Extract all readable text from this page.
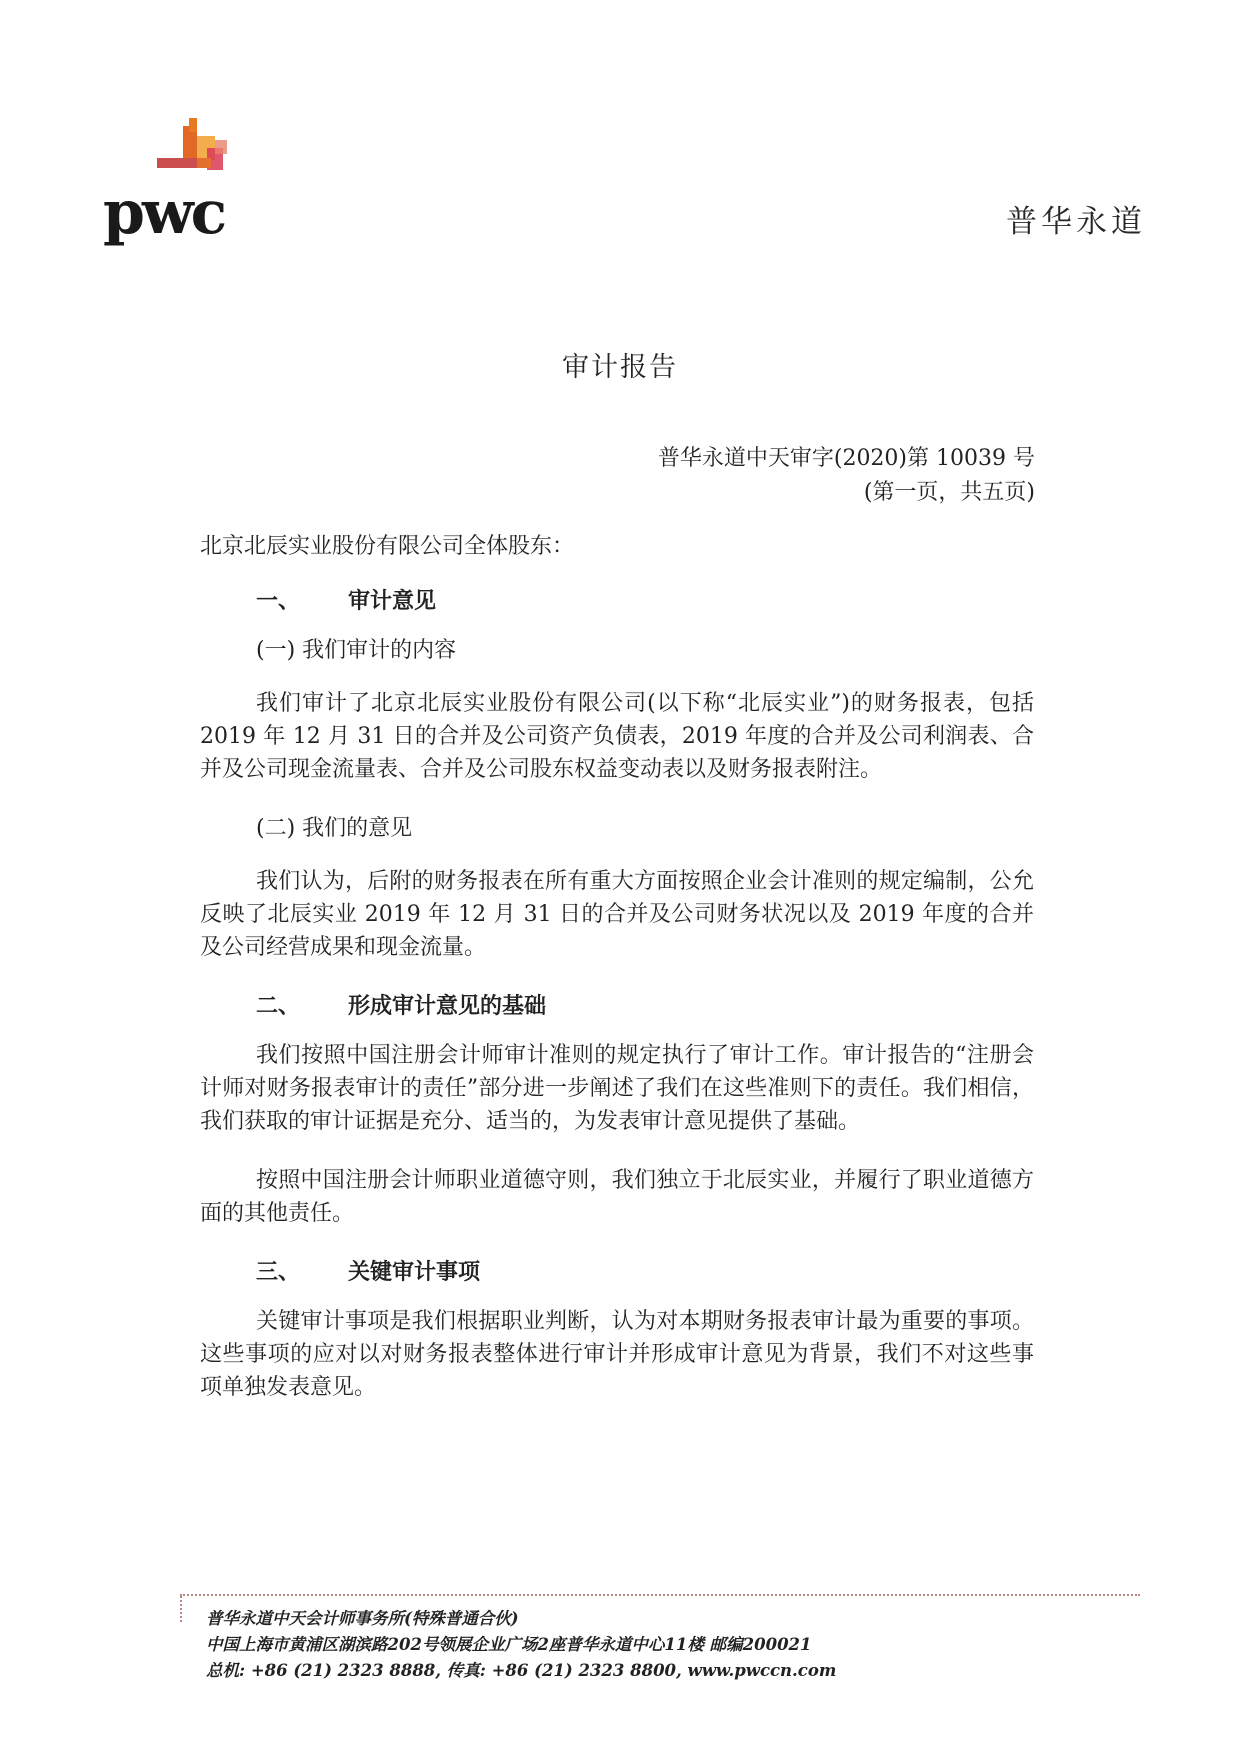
pwc	普华永道
审计报告
普华永道中天审字(2020)第 10039 号
(第一页，共五页)

北京北辰实业股份有限公司全体股东：

一、 审计意见

(一) 我们审计的内容

我们审计了北京北辰实业股份有限公司(以下称“北辰实业”)的财务报表，包括 2019 年 12 月 31 日的合并及公司资产负债表，2019 年度的合并及公司利润表、合并及公司现金流量表、合并及公司股东权益变动表以及财务报表附注。

(二) 我们的意见

我们认为，后附的财务报表在所有重大方面按照企业会计准则的规定编制，公允反映了北辰实业 2019 年 12 月 31 日的合并及公司财务状况以及 2019 年度的合并及公司经营成果和现金流量。

二、 形成审计意见的基础

我们按照中国注册会计师审计准则的规定执行了审计工作。审计报告的“注册会计师对财务报表审计的责任”部分进一步阐述了我们在这些准则下的责任。我们相信，我们获取的审计证据是充分、适当的，为发表审计意见提供了基础。

按照中国注册会计师职业道德守则，我们独立于北辰实业，并履行了职业道德方面的其他责任。

三、 关键审计事项

关键审计事项是我们根据职业判断，认为对本期财务报表审计最为重要的事项。这些事项的应对以对财务报表整体进行审计并形成审计意见为背景，我们不对这些事项单独发表意见。

普华永道中天会计师事务所(特殊普通合伙)

中国上海市黄浦区湖滨路202号领展企业广场2座普华永道中心11楼 邮编200021

总机: +86 (21) 2323 8888, 传真: +86 (21) 2323 8800, www.pwccn.com
